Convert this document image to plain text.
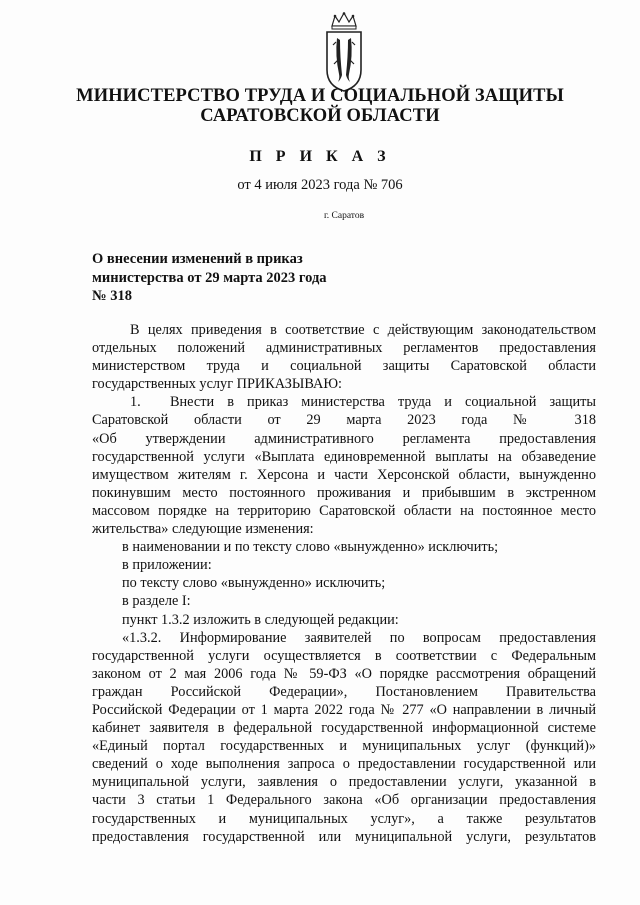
МИНИСТЕРСТВО ТРУДА И СОЦИАЛЬНОЙ ЗАЩИТЫ
САРАТОВСКОЙ ОБЛАСТИ
П Р И К А З
от 4 июля 2023 года № 706
г. Саратов
О внесении изменений в приказ
министерства от 29 марта 2023 года
№ 318
В целях приведения в соответствие с действующим законодательством
отдельных положений административных регламентов предоставления
министерством труда и социальной защиты Саратовской области
государственных услуг ПРИКАЗЫВАЮ:
1.	Внести в приказ министерства труда и социальной защиты
Саратовской области от 29 марта 2023 года № 318
«Об утверждении административного регламента предоставления
государственной услуги «Выплата единовременной выплаты на обзаведение
имуществом жителям г. Херсона и части Херсонской области, вынужденно
покинувшим место постоянного проживания и прибывшим в экстренном
массовом порядке на территорию Саратовской области на постоянное место
жительства» следующие изменения:
в наименовании и по тексту слово «вынужденно» исключить;
в приложении:
по тексту слово «вынужденно» исключить;
в разделе I:
пункт 1.3.2 изложить в следующей редакции:
«1.3.2. Информирование заявителей по вопросам предоставления
государственной услуги осуществляется в соответствии с Федеральным
законом от 2 мая 2006 года № 59-ФЗ «О порядке рассмотрения обращений
граждан Российской Федерации», Постановлением Правительства
Российской Федерации от 1 марта 2022 года № 277 «О направлении в личный
кабинет заявителя в федеральной государственной информационной системе
«Единый портал государственных и муниципальных услуг (функций)»
сведений о ходе выполнения запроса о предоставлении государственной или
муниципальной услуги, заявления о предоставлении услуги, указанной в
части 3 статьи 1 Федерального закона «Об организации предоставления
государственных и муниципальных услуг», а также результатов
предоставления государственной или муниципальной услуги, результатов
